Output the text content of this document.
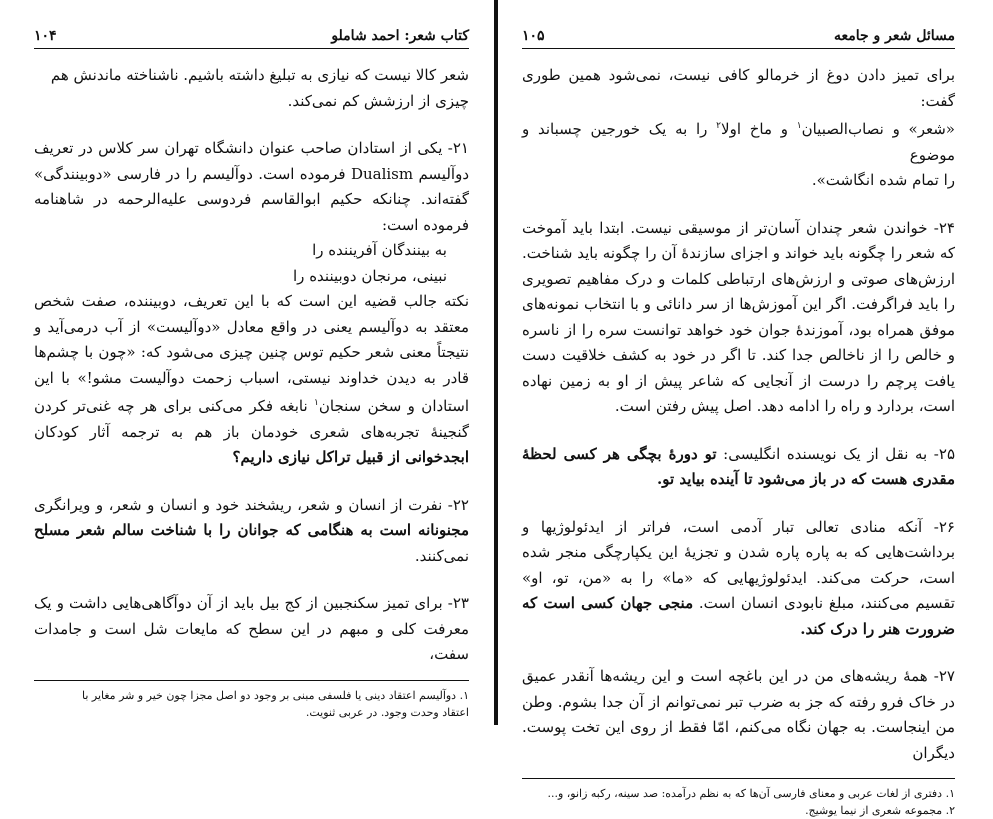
کتاب شعر: احمد شاملو
۱۰۴

شعر کالا نیست که نیازی به تبلیغ داشته باشیم. ناشناخته ماندنش هم
چیزی از ارزشش کم نمی‌کند.

۲۱- یکی از استادان صاحب عنوان دانشگاه تهران سر کلاس در تعریف دوآلیسم Dualism فرموده است. دوآلیسم را در فارسی «دوبینندگی» گفته‌اند. چنانکه حکیم ابوالقاسم فردوسی علیه‌الرحمه در شاهنامه فرموده است:

به بینندگان آفریننده را
نبینی، مرنجان دوبیننده را

نکته جالب قضیه این است که با این تعریف، دوبیننده، صفت شخص معتقد به دوآلیسم یعنی در واقع معادل «دوآلیست» از آب درمی‌آید و نتیجتاً معنی شعر حکیم توس چنین چیزی می‌شود که: «چون با چشم‌ها قادر به دیدن خداوند نیستی، اسباب زحمت دوآلیست مشو!» با این استادان و سخن سنجان$^۱$ نابغه فکر می‌کنی برای هر چه غنی‌تر کردن گنجینهٔ تجربه‌های شعری خودمان باز هم به ترجمه آثار کودکان ابجدخوانی از قبیل تراکل نیازی داریم؟

۲۲- نفرت از انسان و شعر، ریشخند خود و انسان و شعر، و ویرانگری مجنونانه است به هنگامی که جوانان را با شناخت سالم شعر مسلح نمی‌کنند.

۲۳- برای تمیز سکنجبین از کج بیل باید از آن دوآگاهی‌هایی داشت و یک معرفت کلی و مبهم در این سطح که مایعات شل است و جامدات سفت،

۱. دوآلیسم اعتقاد دینی یا فلسفی مبنی بر وجود دو اصل مجزا چون خیر و شر مغایر با
اعتقاد وحدت وجود. در عربی ثنویت.
مسائل شعر و جامعه
۱۰۵

برای تمیز دادن دوغ از خرمالو کافی نیست، نمی‌شود همین طوری گفت:
«شعر» و نصاب‌الصبیان$^۱$ و ماخ اولا$^۲$ را به یک خورجین چسباند و موضوع
را تمام شده انگاشت».

۲۴- خواندن شعر چندان آسان‌تر از موسیقی نیست. ابتدا باید آموخت که شعر را چگونه باید خواند و اجزای سازندهٔ آن را چگونه باید شناخت. ارزش‌های صوتی و ارزش‌های ارتباطی کلمات و درک مفاهیم تصویری را باید فراگرفت. اگر این آموزش‌ها از سر دانائی و با انتخاب نمونه‌های موفق همراه بود، آموزندهٔ جوان خود خواهد توانست سره را از ناسره و خالص را از ناخالص جدا کند. تا اگر در خود به کشف خلاقیت دست یافت پرچم را درست از آنجایی که شاعر پیش از او به زمین نهاده است، بردارد و راه را ادامه دهد. اصل پیش رفتن است.

۲۵- به نقل از یک نویسنده انگلیسی: تو دورهٔ بچگی هر کسی لحظهٔ مقدری هست که در باز می‌شود تا آینده بیاید تو.

۲۶- آنکه منادی تعالی تبار آدمی است، فراتر از ایدئولوژیها و برداشت‌هایی که به پاره پاره شدن و تجزیهٔ این یکپارچگی منجر شده است، حرکت می‌کند. ایدئولوژیهایی که «ما» را به «من، تو، او» تقسیم می‌کنند، مبلغ نابودی انسان است. منجی جهان کسی است که ضرورت هنر را درک کند.

۲۷- همهٔ ریشه‌های من در این باغچه است و این ریشه‌ها آنقدر عمیق در خاک فرو رفته که جز به ضرب تبر نمی‌توانم از آن جدا بشوم. وطن من اینجاست. به جهان نگاه می‌کنم، امّا فقط از روی این تخت پوست. دیگران

۱. دفتری از لغات عربی و معنای فارسی آن‌ها که به نظم درآمده: صد سینه، رکبه زانو، و...
۲. مجموعه شعری از نیما یوشیج.
